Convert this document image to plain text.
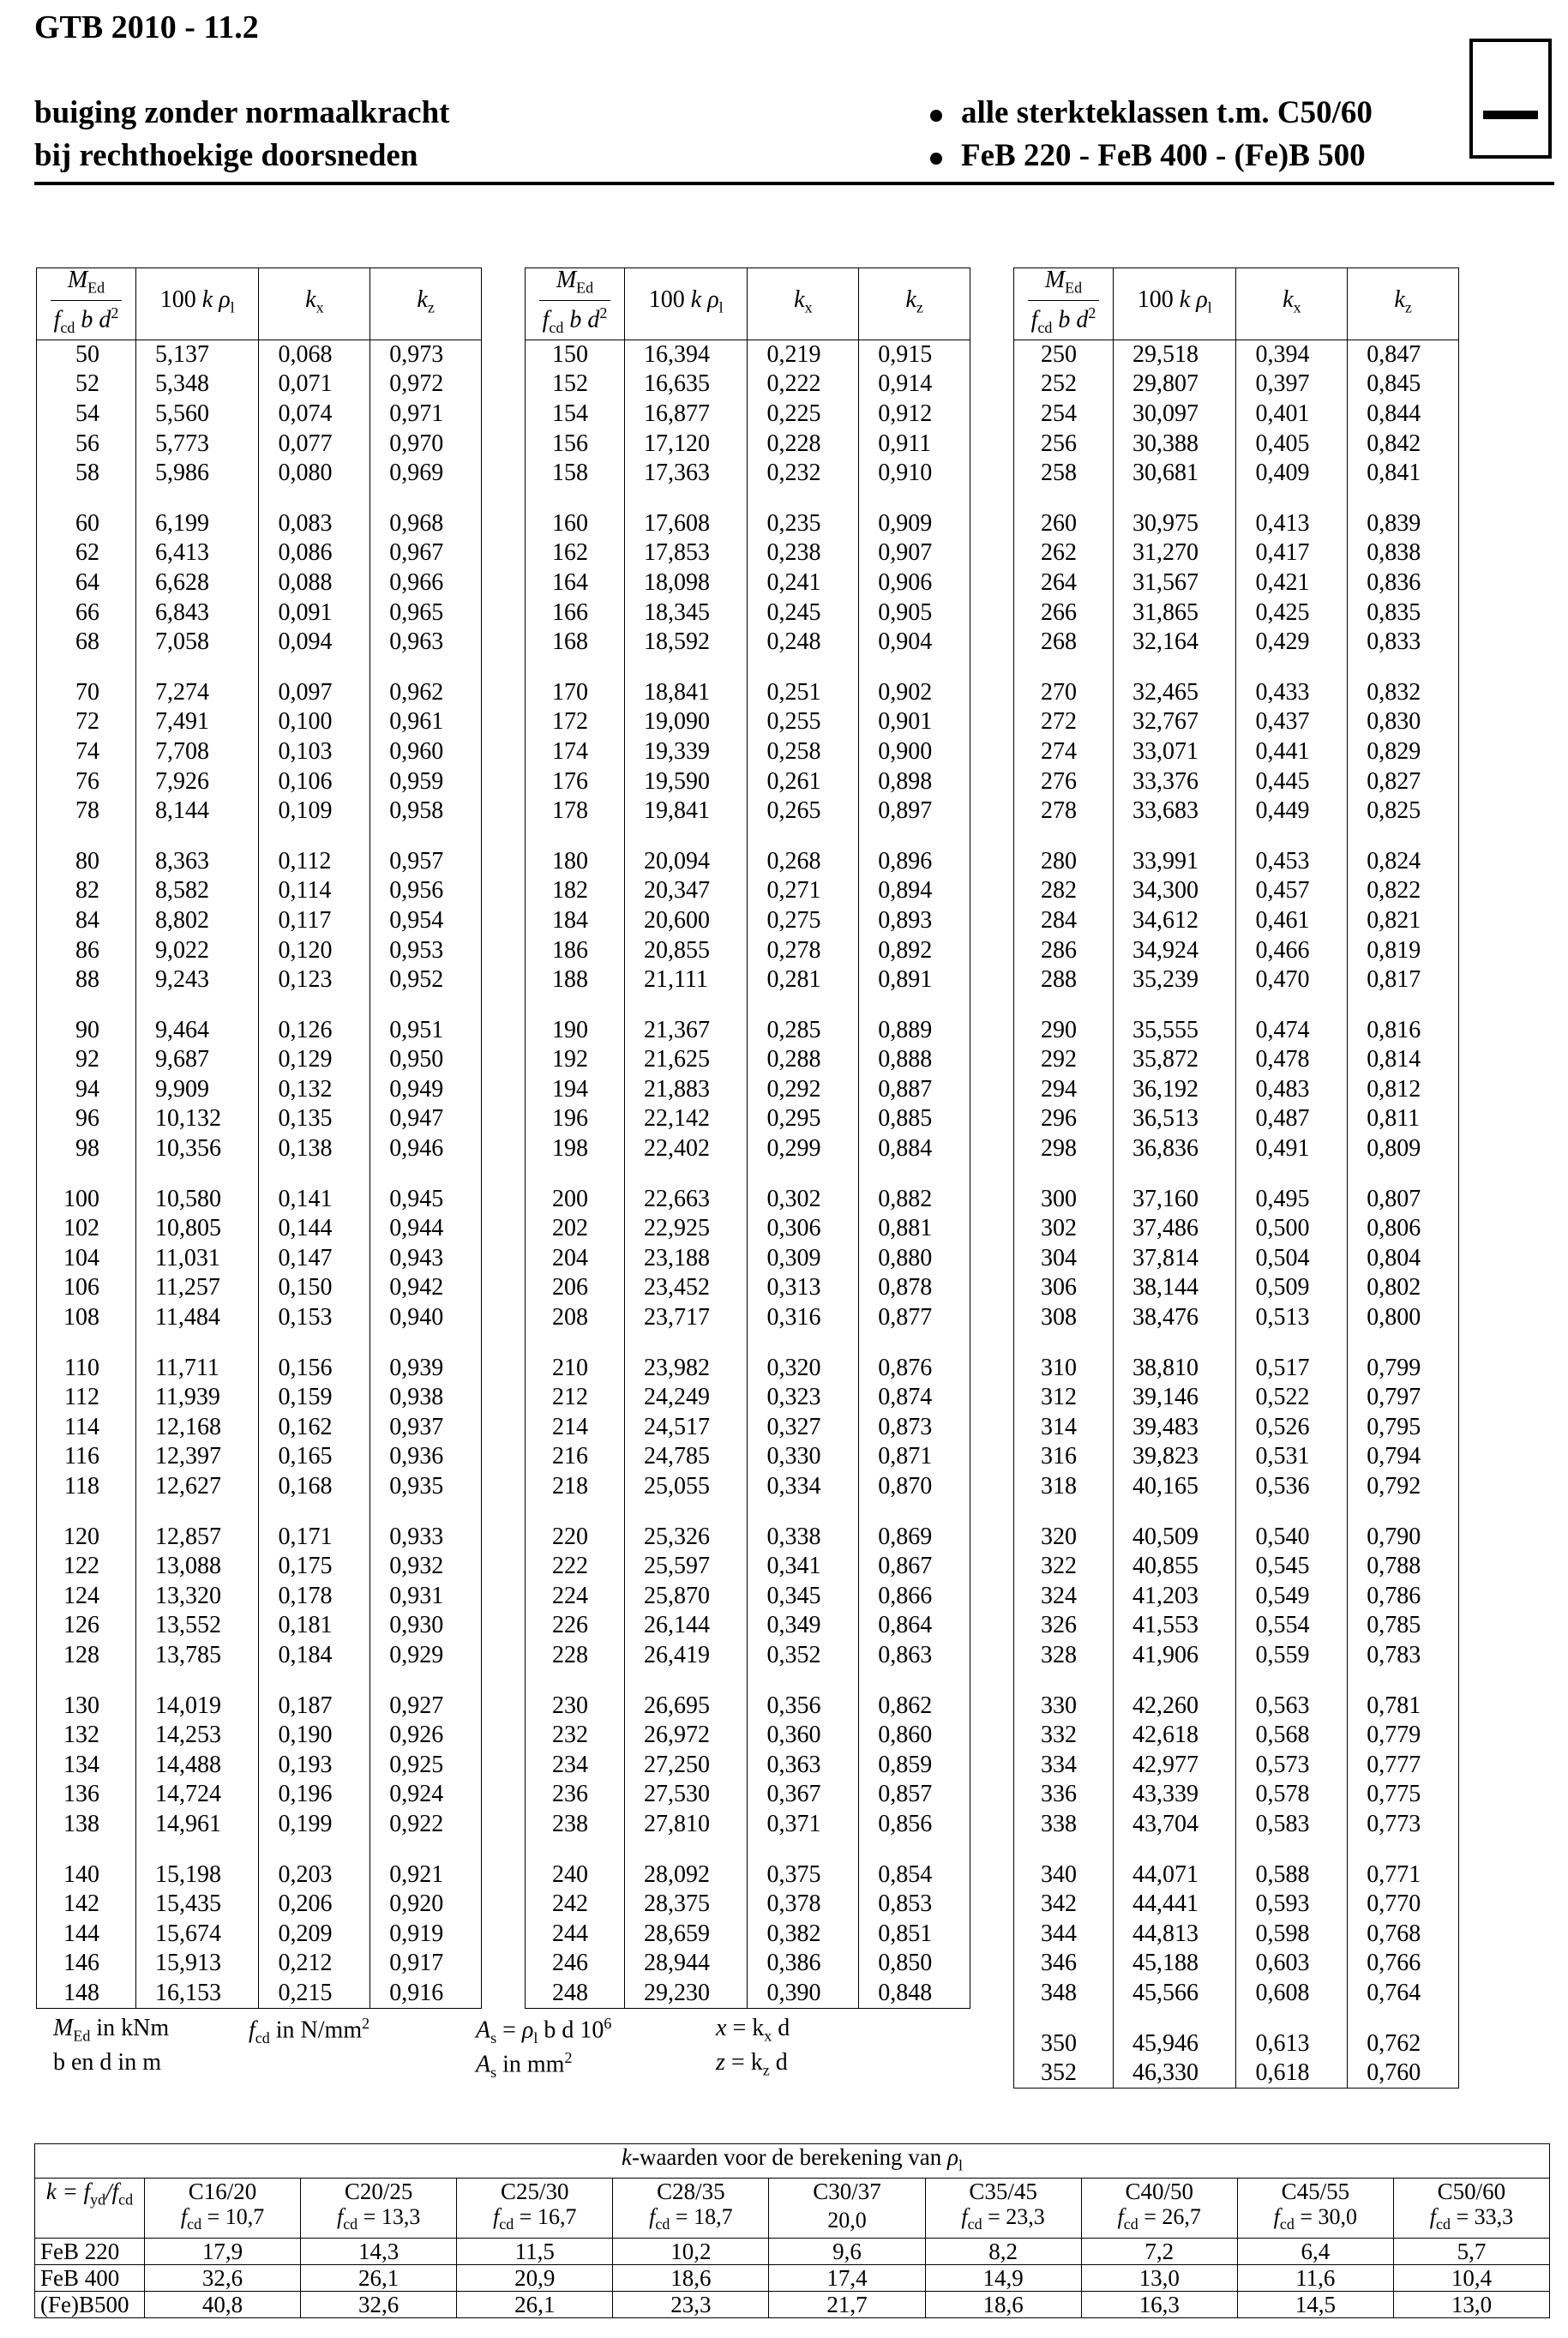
GTB 2010 - 11.2
buiging zonder normaalkracht
bij rechthoekige doorsneden
alle sterkteklassen t.m. C50/60
FeB 220 - FeB 400 - (Fe)B 500
$\frac{M_{Ed}}{f_{cd} b d^2}$	100 k $\rho_l$	$k_x$	$k_z$
50	5,137	0,068	0,973
52	5,348	0,071	0,972
54	5,560	0,074	0,971
56	5,773	0,077	0,970
58	5,986	0,080	0,969

60	6,199	0,083	0,968
62	6,413	0,086	0,967
64	6,628	0,088	0,966
66	6,843	0,091	0,965
68	7,058	0,094	0,963

70	7,274	0,097	0,962
72	7,491	0,100	0,961
74	7,708	0,103	0,960
76	7,926	0,106	0,959
78	8,144	0,109	0,958

80	8,363	0,112	0,957
82	8,582	0,114	0,956
84	8,802	0,117	0,954
86	9,022	0,120	0,953
88	9,243	0,123	0,952

90	9,464	0,126	0,951
92	9,687	0,129	0,950
94	9,909	0,132	0,949
96	10,132	0,135	0,947
98	10,356	0,138	0,946

100	10,580	0,141	0,945
102	10,805	0,144	0,944
104	11,031	0,147	0,943
106	11,257	0,150	0,942
108	11,484	0,153	0,940

110	11,711	0,156	0,939
112	11,939	0,159	0,938
114	12,168	0,162	0,937
116	12,397	0,165	0,936
118	12,627	0,168	0,935

120	12,857	0,171	0,933
122	13,088	0,175	0,932
124	13,320	0,178	0,931
126	13,552	0,181	0,930
128	13,785	0,184	0,929

130	14,019	0,187	0,927
132	14,253	0,190	0,926
134	14,488	0,193	0,925
136	14,724	0,196	0,924
138	14,961	0,199	0,922

140	15,198	0,203	0,921
142	15,435	0,206	0,920
144	15,674	0,209	0,919
146	15,913	0,212	0,917
148	16,153	0,215	0,916
$\frac{M_{Ed}}{f_{cd} b d^2}$	100 k $\rho_l$	$k_x$	$k_z$
150	16,394	0,219	0,915
152	16,635	0,222	0,914
154	16,877	0,225	0,912
156	17,120	0,228	0,911
158	17,363	0,232	0,910

160	17,608	0,235	0,909
162	17,853	0,238	0,907
164	18,098	0,241	0,906
166	18,345	0,245	0,905
168	18,592	0,248	0,904

170	18,841	0,251	0,902
172	19,090	0,255	0,901
174	19,339	0,258	0,900
176	19,590	0,261	0,898
178	19,841	0,265	0,897

180	20,094	0,268	0,896
182	20,347	0,271	0,894
184	20,600	0,275	0,893
186	20,855	0,278	0,892
188	21,111	0,281	0,891

190	21,367	0,285	0,889
192	21,625	0,288	0,888
194	21,883	0,292	0,887
196	22,142	0,295	0,885
198	22,402	0,299	0,884

200	22,663	0,302	0,882
202	22,925	0,306	0,881
204	23,188	0,309	0,880
206	23,452	0,313	0,878
208	23,717	0,316	0,877

210	23,982	0,320	0,876
212	24,249	0,323	0,874
214	24,517	0,327	0,873
216	24,785	0,330	0,871
218	25,055	0,334	0,870

220	25,326	0,338	0,869
222	25,597	0,341	0,867
224	25,870	0,345	0,866
226	26,144	0,349	0,864
228	26,419	0,352	0,863

230	26,695	0,356	0,862
232	26,972	0,360	0,860
234	27,250	0,363	0,859
236	27,530	0,367	0,857
238	27,810	0,371	0,856

240	28,092	0,375	0,854
242	28,375	0,378	0,853
244	28,659	0,382	0,851
246	28,944	0,386	0,850
248	29,230	0,390	0,848
$\frac{M_{Ed}}{f_{cd} b d^2}$	100 k $\rho_l$	$k_x$	$k_z$
250	29,518	0,394	0,847
252	29,807	0,397	0,845
254	30,097	0,401	0,844
256	30,388	0,405	0,842
258	30,681	0,409	0,841

260	30,975	0,413	0,839
262	31,270	0,417	0,838
264	31,567	0,421	0,836
266	31,865	0,425	0,835
268	32,164	0,429	0,833

270	32,465	0,433	0,832
272	32,767	0,437	0,830
274	33,071	0,441	0,829
276	33,376	0,445	0,827
278	33,683	0,449	0,825

280	33,991	0,453	0,824
282	34,300	0,457	0,822
284	34,612	0,461	0,821
286	34,924	0,466	0,819
288	35,239	0,470	0,817

290	35,555	0,474	0,816
292	35,872	0,478	0,814
294	36,192	0,483	0,812
296	36,513	0,487	0,811
298	36,836	0,491	0,809

300	37,160	0,495	0,807
302	37,486	0,500	0,806
304	37,814	0,504	0,804
306	38,144	0,509	0,802
308	38,476	0,513	0,800

310	38,810	0,517	0,799
312	39,146	0,522	0,797
314	39,483	0,526	0,795
316	39,823	0,531	0,794
318	40,165	0,536	0,792

320	40,509	0,540	0,790
322	40,855	0,545	0,788
324	41,203	0,549	0,786
326	41,553	0,554	0,785
328	41,906	0,559	0,783

330	42,260	0,563	0,781
332	42,618	0,568	0,779
334	42,977	0,573	0,777
336	43,339	0,578	0,775
338	43,704	0,583	0,773

340	44,071	0,588	0,771
342	44,441	0,593	0,770
344	44,813	0,598	0,768
346	45,188	0,603	0,766
348	45,566	0,608	0,764

350	45,946	0,613	0,762
352	46,330	0,618	0,760
$M_{Ed}$ in kNm
b en d in m
$f_{cd}$ in $N/mm^2$	$A_s = \rho_l$ b d $10^6$
$A_s$ in $mm^2$
$x = k_x$ d
$z = k_z$ d
k-waarden voor de berekening van $\rho_l$
$k = f_{yd}/f_{cd}$	C16/20	C20/25	C25/30	C28/35	C30/37	C35/45	C40/50	C45/55	C50/60
	$f_{cd} = 10,7$	$f_{cd} = 13,3$	$f_{cd} = 16,7$	$f_{cd} = 18,7$	20,0	$f_{cd} = 23,3$	$f_{cd} = 26,7$	$f_{cd} = 30,0$	$f_{cd} = 33,3$
FeB 220	17,9	14,3	11,5	10,2	9,6	8,2	7,2	6,4	5,7
FeB 400	32,6	26,1	20,9	18,6	17,4	14,9	13,0	11,6	10,4
(Fe)B500	40,8	32,6	26,1	23,3	21,7	18,6	16,3	14,5	13,0
